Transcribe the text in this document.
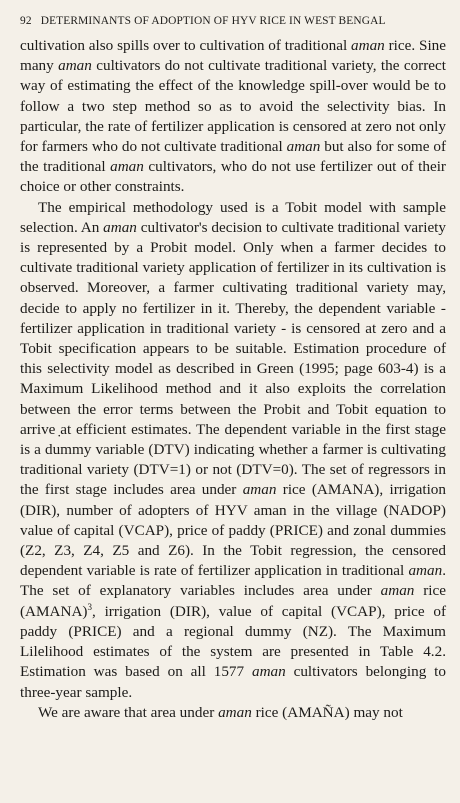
92 DETERMINANTS OF ADOPTION OF HYV RICE IN WEST BENGAL

cultivation also spills over to cultivation of traditional aman rice. Sine many aman cultivators do not cultivate traditional variety, the correct way of estimating the effect of the knowledge spill-over would be to follow a two step method so as to avoid the selectivity bias. In particular, the rate of fertilizer application is censored at zero not only for farmers who do not cultivate traditional aman but also for some of the traditional aman cultivators, who do not use fertilizer out of their choice or other constraints.

The empirical methodology used is a Tobit model with sample selection. An aman cultivator's decision to cultivate traditional variety is represented by a Probit model. Only when a farmer decides to cultivate traditional variety application of fertilizer in its cultivation is observed. Moreover, a farmer cultivating traditional variety may, decide to apply no fertilizer in it. Thereby, the dependent variable - fertilizer application in traditional variety - is censored at zero and a Tobit specification appears to be suitable. Estimation procedure of this selectivity model as described in Green (1995; page 603-4) is a Maximum Likelihood method and it also exploits the correlation between the error terms between the Probit and Tobit equation to arrive ̣at efficient estimates. The dependent variable in the first stage is a dummy variable (DTV) indicating whether a farmer is cultivating traditional variety (DTV=1) or not (DTV=0). The set of regressors in the first stage includes area under aman rice (AMANA), irrigation (DIR), number of adopters of HYV aman in the village (NADOP) value of capital (VCAP), price of paddy (PRICE) and zonal dummies (Z2, Z3, Z4, Z5 and Z6). In the Tobit regression, the censored dependent variable is rate of fertilizer application in traditional aman. The set of explanatory variables includes area under aman rice (AMANA)$^3$, irrigation (DIR), value of capital (VCAP), price of paddy (PRICE) and a regional dummy (NZ). The Maximum Lilelihood estimates of the system are presented in Table 4.2. Estimation was based on all 1577 aman cultivators belonging to three-year sample.

We are aware that area under aman rice (AMAÑA) may not
